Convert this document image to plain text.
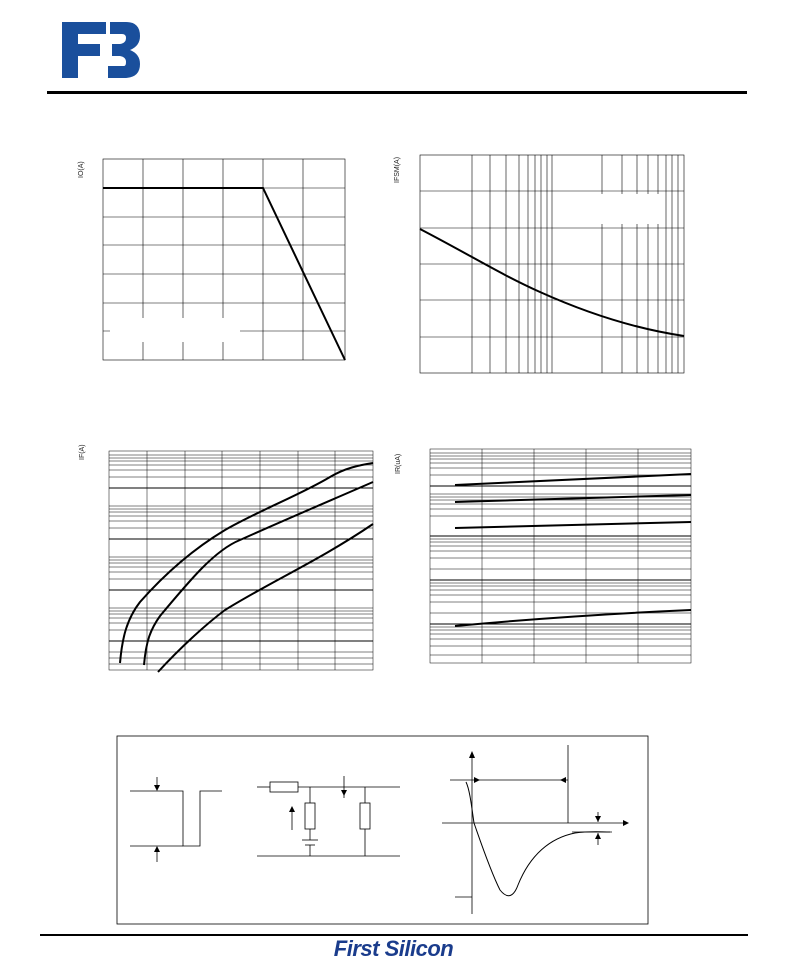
IO(A)	IFSM(A)
IF(A)
IR(uA)
First Silicon
